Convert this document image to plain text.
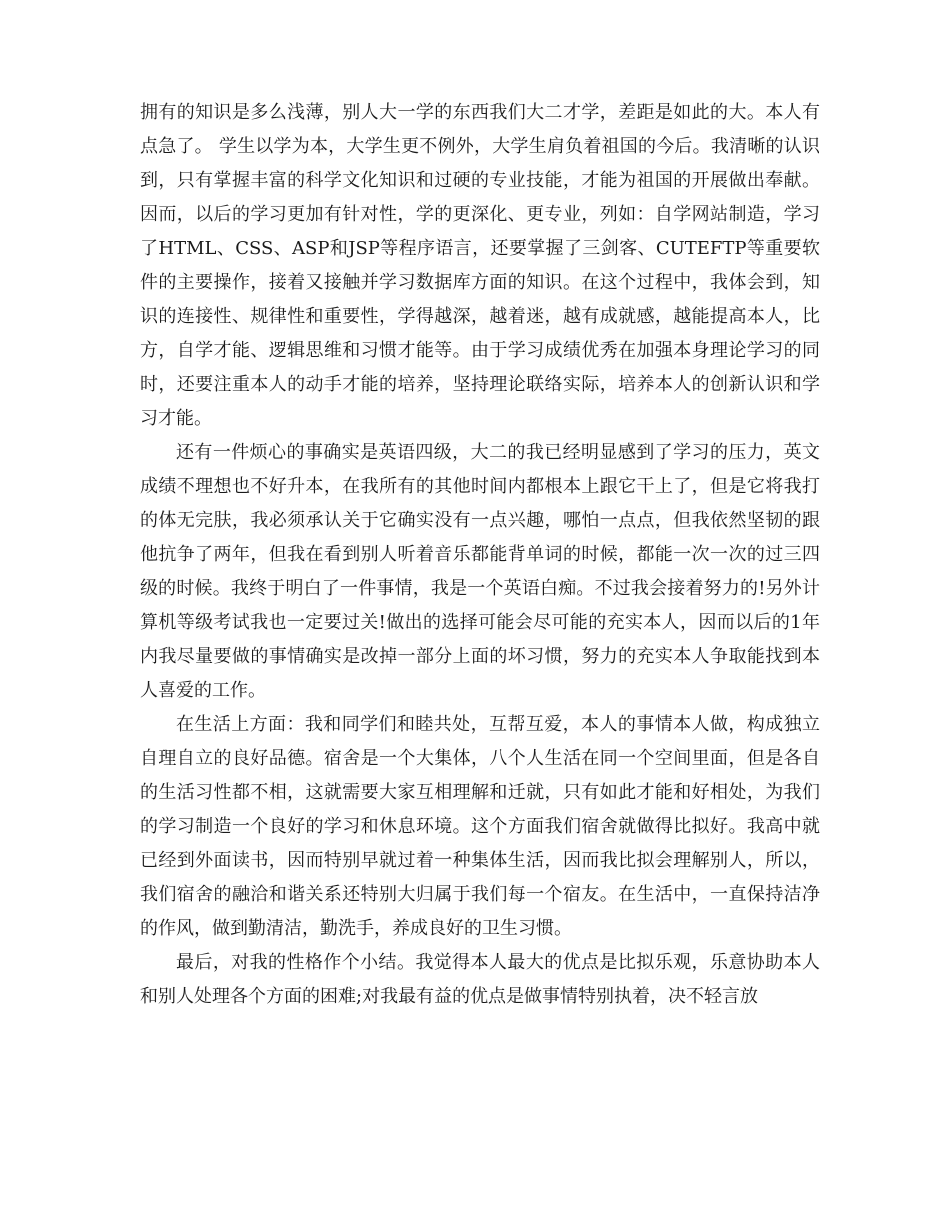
拥有的知识是多么浅薄，别人大一学的东西我们大二才学，差距是如此的大。本人有点急了。 学生以学为本，大学生更不例外，大学生肩负着祖国的今后。我清晰的认识到，只有掌握丰富的科学文化知识和过硬的专业技能，才能为祖国的开展做出奉献。因而，以后的学习更加有针对性，学的更深化、更专业，列如：自学网站制造，学习了HTML、CSS、ASP和JSP等程序语言，还要掌握了三剑客、CUTEFTP等重要软件的主要操作，接着又接触并学习数据库方面的知识。在这个过程中，我体会到，知识的连接性、规律性和重要性，学得越深，越着迷，越有成就感，越能提高本人，比方，自学才能、逻辑思维和习惯才能等。由于学习成绩优秀在加强本身理论学习的同时，还要注重本人的动手才能的培养，坚持理论联络实际，培养本人的创新认识和学习才能。

还有一件烦心的事确实是英语四级，大二的我已经明显感到了学习的压力，英文成绩不理想也不好升本，在我所有的其他时间内都根本上跟它干上了，但是它将我打的体无完肤，我必须承认关于它确实没有一点兴趣，哪怕一点点，但我依然坚韧的跟他抗争了两年，但我在看到别人听着音乐都能背单词的时候，都能一次一次的过三四级的时候。我终于明白了一件事情，我是一个英语白痴。不过我会接着努力的!另外计算机等级考试我也一定要过关!做出的选择可能会尽可能的充实本人，因而以后的1年内我尽量要做的事情确实是改掉一部分上面的坏习惯，努力的充实本人争取能找到本人喜爱的工作。

在生活上方面：我和同学们和睦共处，互帮互爱，本人的事情本人做，构成独立自理自立的良好品德。宿舍是一个大集体，八个人生活在同一个空间里面，但是各自的生活习性都不相，这就需要大家互相理解和迁就，只有如此才能和好相处，为我们的学习制造一个良好的学习和休息环境。这个方面我们宿舍就做得比拟好。我高中就已经到外面读书，因而特别早就过着一种集体生活，因而我比拟会理解别人，所以，我们宿舍的融洽和谐关系还特别大归属于我们每一个宿友。在生活中，一直保持洁净的作风，做到勤清洁，勤洗手，养成良好的卫生习惯。

最后，对我的性格作个小结。我觉得本人最大的优点是比拟乐观，乐意协助本人和别人处理各个方面的困难;对我最有益的优点是做事情特别执着，决不轻言放
